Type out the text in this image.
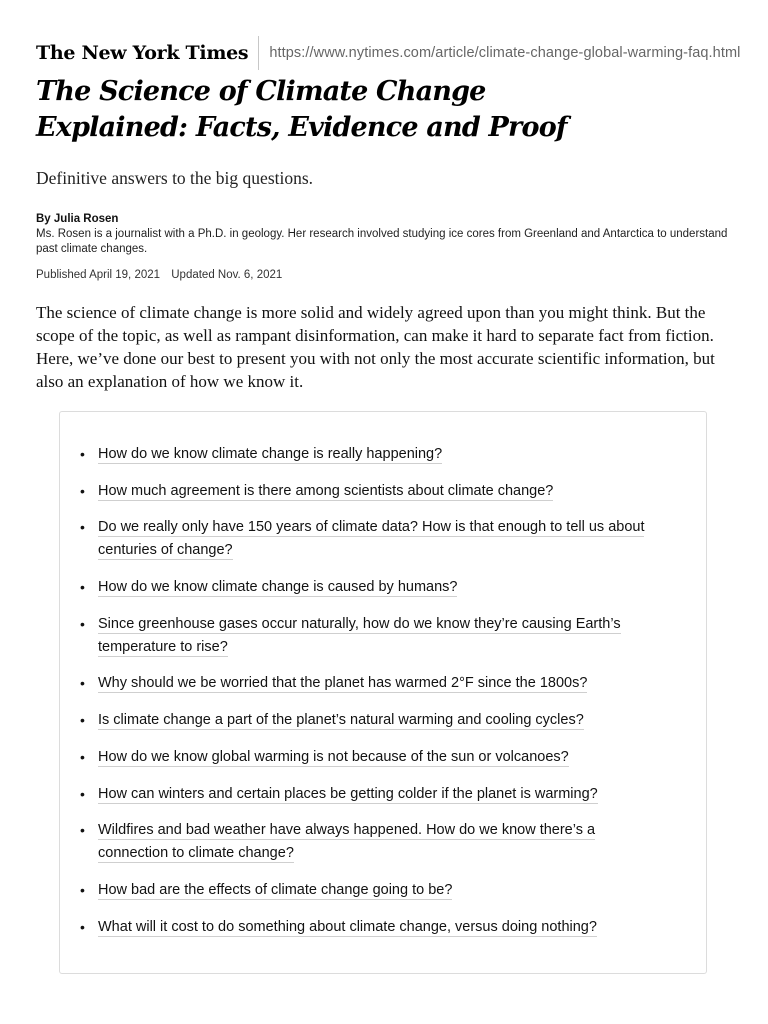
The New York Times	https://www.nytimes.com/article/climate-change-global-warming-faq.html
The Science of Climate Change
Explained: Facts, Evidence and Proof

Definitive answers to the big questions.

By Julia Rosen

Ms. Rosen is a journalist with a Ph.D. in geology. Her research involved studying ice cores from Greenland and Antarctica to understand past climate changes.

Published April 19, 2021 Updated Nov. 6, 2021

The science of climate change is more solid and widely agreed upon than you might think. But the scope of the topic, as well as rampant disinformation, can make it hard to separate fact from fiction. Here, we’ve done our best to present you with not only the most accurate scientific information, but also an explanation of how we know it.

• How do we know climate change is really happening?
• How much agreement is there among scientists about climate change?
• Do we really only have 150 years of climate data? How is that enough to tell us about centuries of change?
• How do we know climate change is caused by humans?
• Since greenhouse gases occur naturally, how do we know they’re causing Earth’s temperature to rise?
• Why should we be worried that the planet has warmed 2°F since the 1800s?
• Is climate change a part of the planet’s natural warming and cooling cycles?
• How do we know global warming is not because of the sun or volcanoes?
• How can winters and certain places be getting colder if the planet is warming?
• Wildfires and bad weather have always happened. How do we know there’s a connection to climate change?
• How bad are the effects of climate change going to be?
• What will it cost to do something about climate change, versus doing nothing?
